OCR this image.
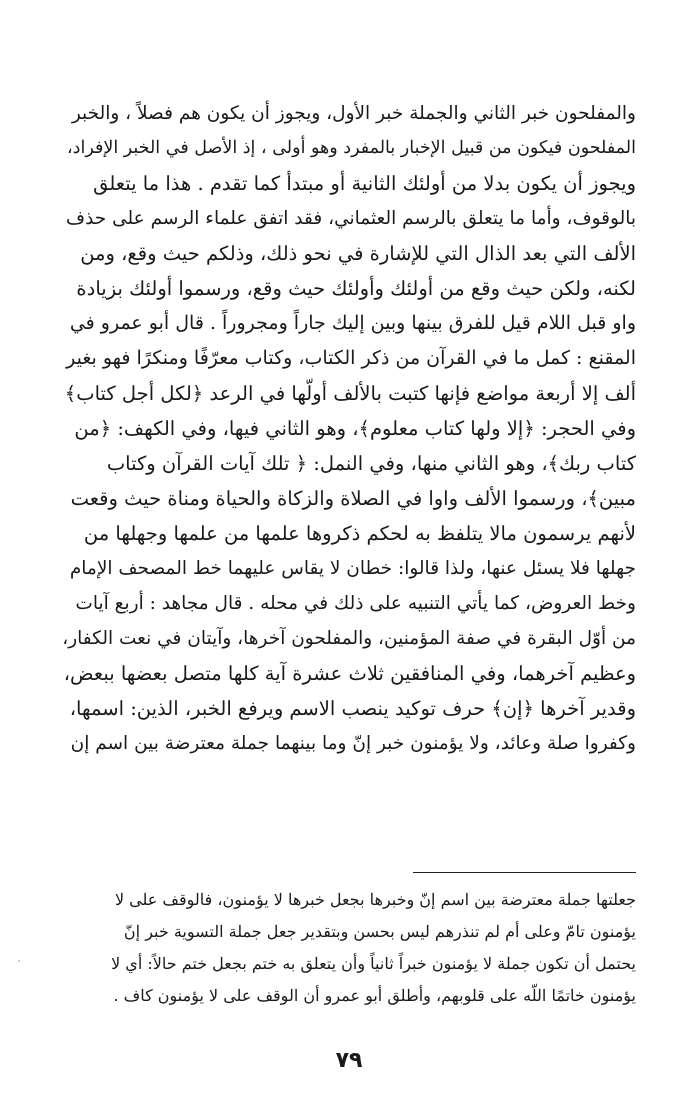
والمفلحون خبر الثاني والجملة خبر الأول، ويجوز أن يكون هم فصلاً ، والخبر
المفلحون فيكون من قبيل الإخبار بالمفرد وهو أولى ، إذ الأصل في الخبر الإفراد،
ويجوز أن يكون بدلا من أولئك الثانية أو مبتدأ كما تقدم . هذا ما يتعلق
بالوقوف، وأما ما يتعلق بالرسم العثماني، فقد اتفق علماء الرسم على حذف
الألف التي بعد الذال التي للإشارة في نحو ذلك، وذلكم حيث وقع، ومن
لكنه، ولكن حيث وقع من أولئك وأولئك حيث وقع، ورسموا أولئك بزيادة
واو قبل اللام قيل للفرق بينها وبين إليك جاراً ومجروراً . قال أبو عمرو في
المقنع : كمل ما في القرآن من ذكر الكتاب، وكتاب معرّفًا ومنكرًا فهو بغير
ألف إلا أربعة مواضع فإنها كتبت بالألف أولّها في الرعد ﴿لكل أجل كتاب﴾
وفي الحجر: ﴿إلا ولها كتاب معلوم﴾، وهو الثاني فيها، وفي الكهف: ﴿من
كتاب ربك﴾، وهو الثاني منها، وفي النمل: ﴿ تلك آيات القرآن وكتاب
مبين﴾، ورسموا الألف واوا في الصلاة والزكاة والحياة ومناة حيث وقعت
لأنهم يرسمون مالا يتلفظ به لحكم ذكروها علمها من علمها وجهلها من
جهلها فلا يسئل عنها، ولذا قالوا: خطان لا يقاس عليهما خط المصحف الإمام
وخط العروض، كما يأتي التنبيه على ذلك في محله . قال مجاهد : أربع آيات
من أوّل البقرة في صفة المؤمنين، والمفلحون آخرها، وآيتان في نعت الكفار،
وعظيم آخرهما، وفي المنافقين ثلاث عشرة آية كلها متصل بعضها ببعض،
وقدير آخرها ﴿إن﴾ حرف توكيد ينصب الاسم ويرفع الخبر، الذين: اسمها،
وكفروا صلة وعائد، ولا يؤمنون خبر إنّ وما بينهما جملة معترضة بين اسم إن
جعلتها جملة معترضة بين اسم إنّ وخبرها بجعل خبرها لا يؤمنون، فالوقف على لا
يؤمنون تامّ وعلى أم لم تنذرهم ليس بحسن وبتقدير جعل جملة التسوية خبر إنّ
يحتمل أن تكون جملة لا يؤمنون خبراً ثانياً وأن يتعلق به ختم بجعل ختم حالاً: أي لا
يؤمنون خاتمًا اللّه على قلوبهم، وأطلق أبو عمرو أن الوقف على لا يؤمنون كاف .
٧٩
